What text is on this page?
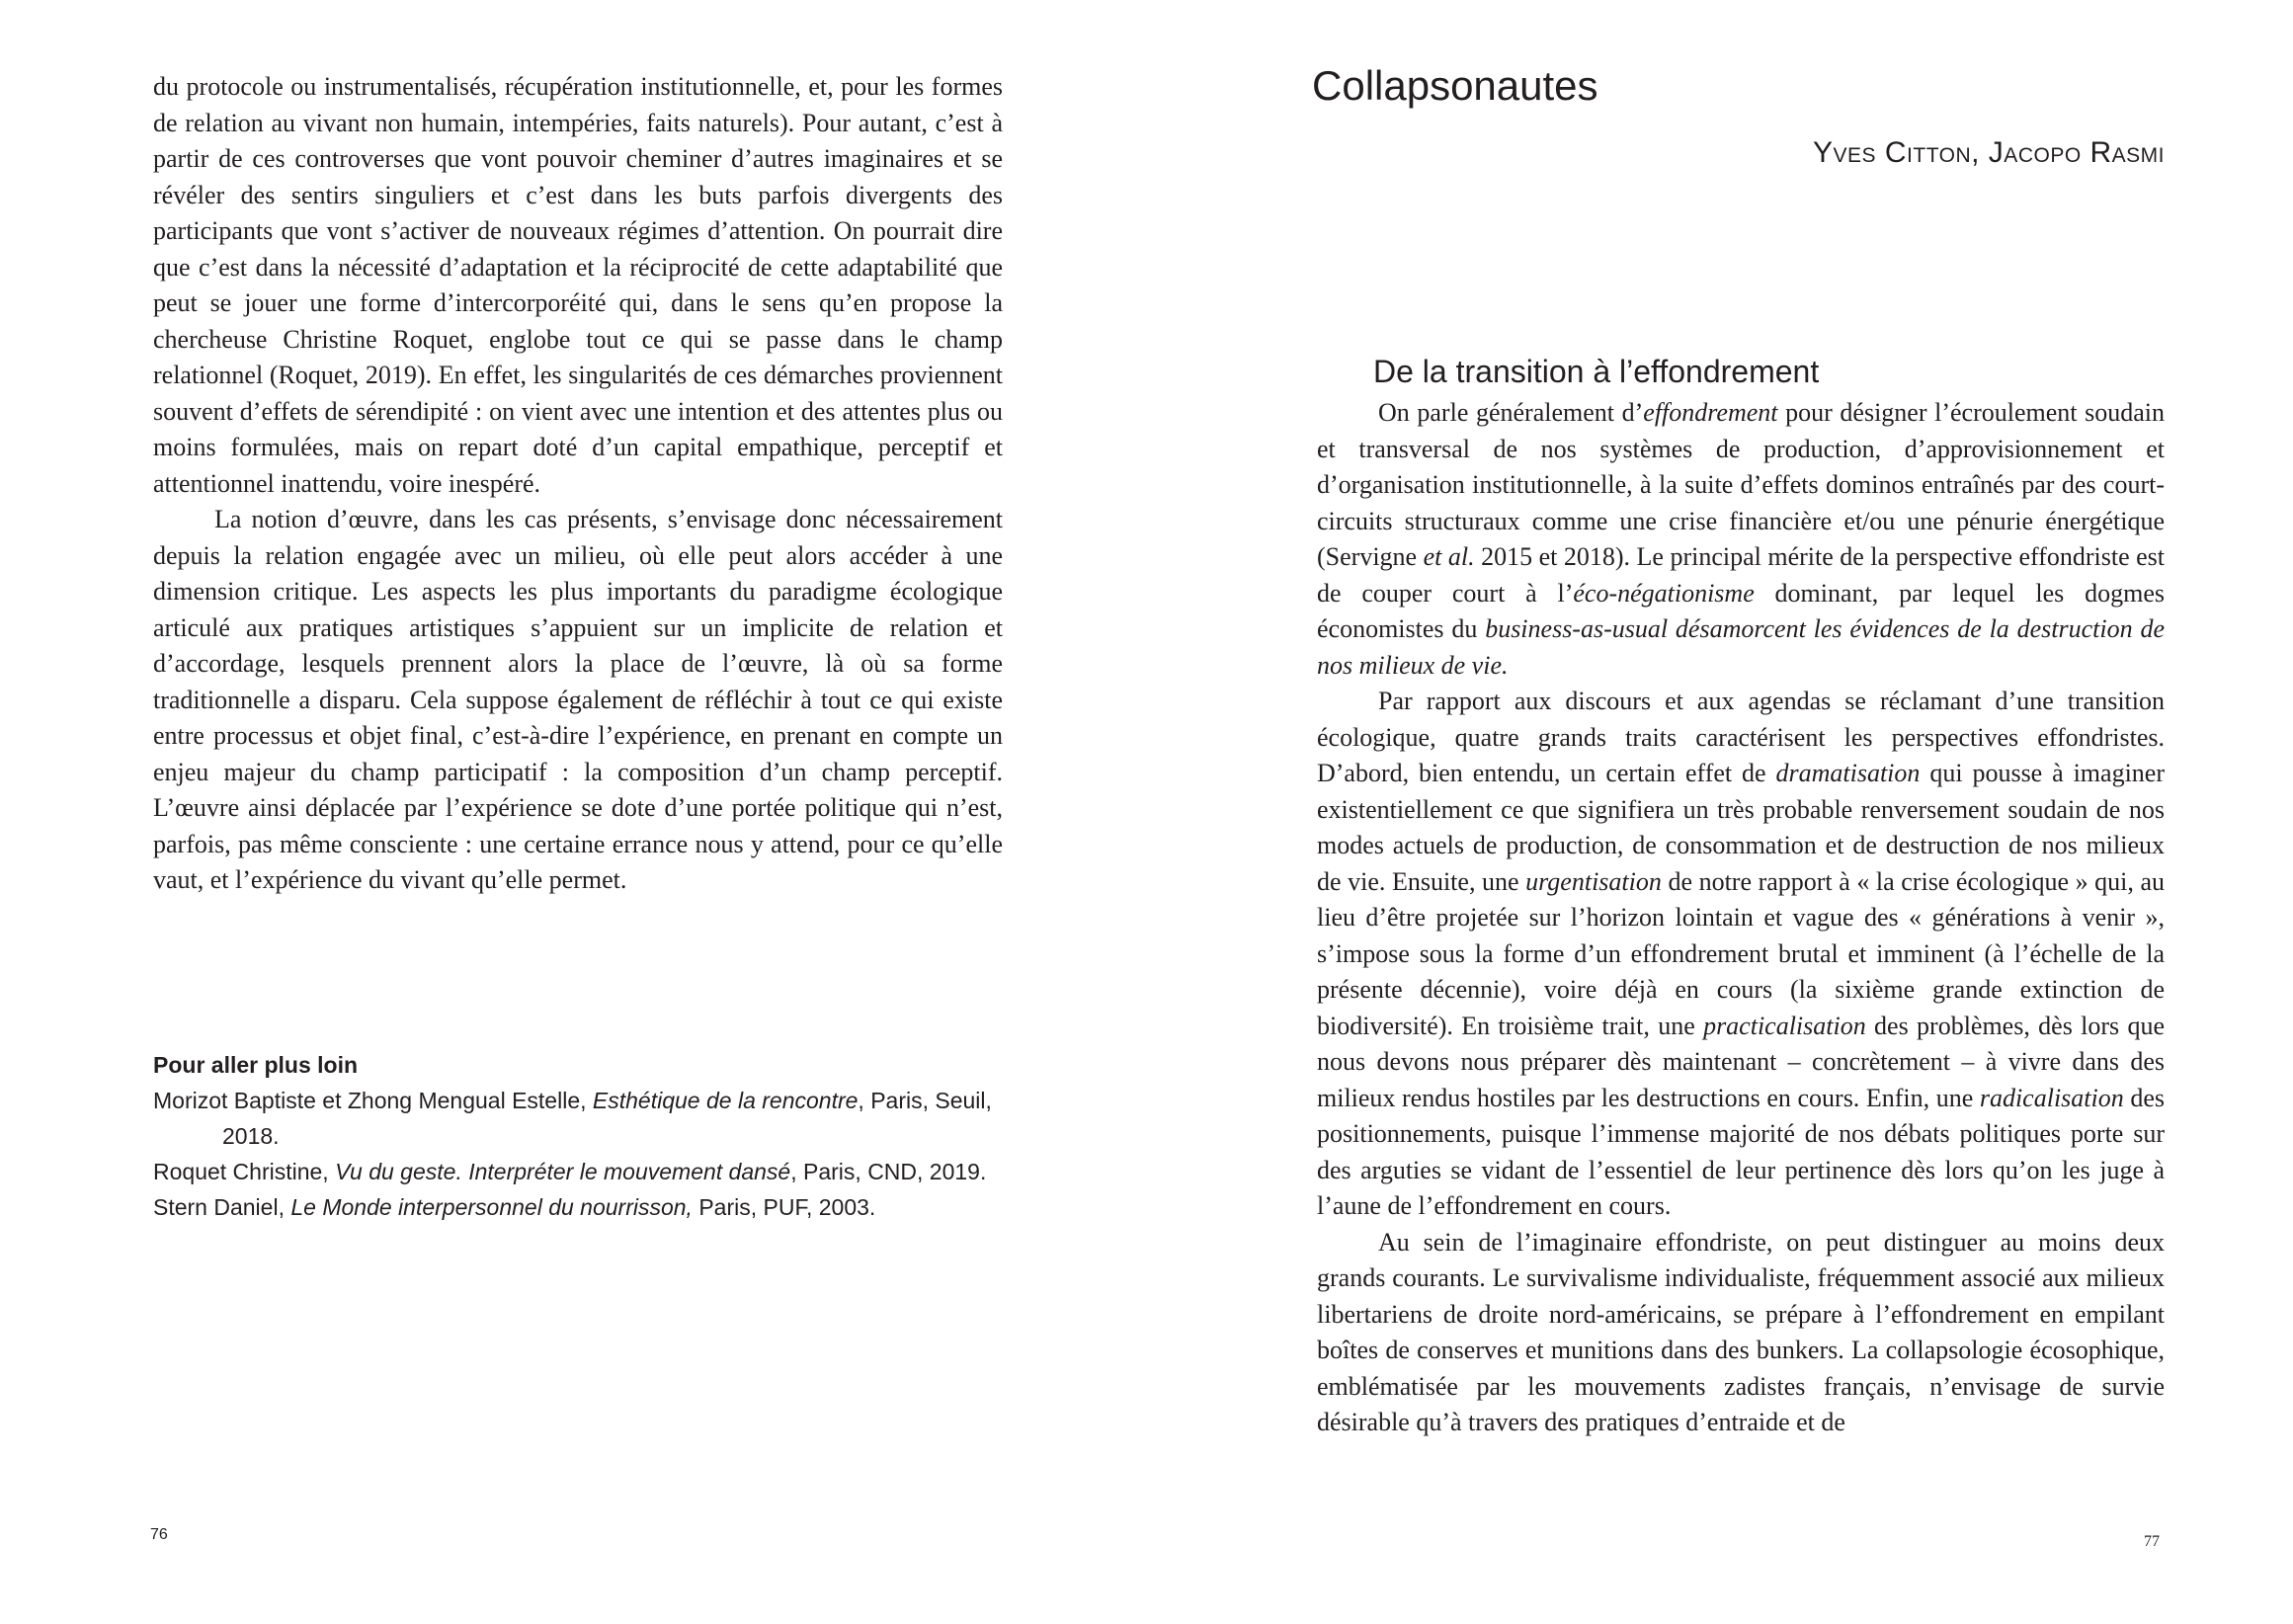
du protocole ou instrumentalisés, récupération institutionnelle, et, pour les formes de relation au vivant non humain, intempéries, faits naturels). Pour autant, c’est à partir de ces controverses que vont pouvoir cheminer d’autres imaginaires et se révéler des sentirs singuliers et c’est dans les buts parfois divergents des participants que vont s’activer de nouveaux régimes d’attention. On pourrait dire que c’est dans la nécessité d’adaptation et la réciprocité de cette adaptabilité que peut se jouer une forme d’intercorporéité qui, dans le sens qu’en propose la chercheuse Christine Roquet, englobe tout ce qui se passe dans le champ relationnel (Roquet, 2019). En effet, les singularités de ces démarches proviennent souvent d’effets de sérendipité : on vient avec une intention et des attentes plus ou moins formulées, mais on repart doté d’un capital empathique, perceptif et attentionnel inattendu, voire inespéré.

La notion d’œuvre, dans les cas présents, s’envisage donc nécessairement depuis la relation engagée avec un milieu, où elle peut alors accéder à une dimension critique. Les aspects les plus importants du paradigme écologique articulé aux pratiques artistiques s’appuient sur un implicite de relation et d’accordage, lesquels prennent alors la place de l’œuvre, là où sa forme traditionnelle a disparu. Cela suppose également de réfléchir à tout ce qui existe entre processus et objet final, c’est-à-dire l’expérience, en prenant en compte un enjeu majeur du champ participatif : la composition d’un champ perceptif. L’œuvre ainsi déplacée par l’expérience se dote d’une portée politique qui n’est, parfois, pas même consciente : une certaine errance nous y attend, pour ce qu’elle vaut, et l’expérience du vivant qu’elle permet.

Pour aller plus loin
Morizot Baptiste et Zhong Mengual Estelle, Esthétique de la rencontre, Paris, Seuil, 2018.
Roquet Christine, Vu du geste. Interpréter le mouvement dansé, Paris, CND, 2019.
Stern Daniel, Le Monde interpersonnel du nourrisson, Paris, PUF, 2003.
76
Collapsonautes
Yves Citton, Jacopo Rasmi
De la transition à l’effondrement

On parle généralement d’effondrement pour désigner l’écroulement soudain et transversal de nos systèmes de production, d’approvisionnement et d’organisation institutionnelle, à la suite d’effets dominos entraînés par des court-circuits structuraux comme une crise financière et/ou une pénurie énergétique (Servigne et al. 2015 et 2018). Le principal mérite de la perspective effondriste est de couper court à l’éco-négationisme dominant, par lequel les dogmes économistes du business-as-usual désamorcent les évidences de la destruction de nos milieux de vie.

Par rapport aux discours et aux agendas se réclamant d’une transition écologique, quatre grands traits caractérisent les perspectives effondristes. D’abord, bien entendu, un certain effet de dramatisation qui pousse à imaginer existentiellement ce que signifiera un très probable renversement soudain de nos modes actuels de production, de consommation et de destruction de nos milieux de vie. Ensuite, une urgentisation de notre rapport à « la crise écologique » qui, au lieu d’être projetée sur l’horizon lointain et vague des « générations à venir », s’impose sous la forme d’un effondrement brutal et imminent (à l’échelle de la présente décennie), voire déjà en cours (la sixième grande extinction de biodiversité). En troisième trait, une practicalisation des problèmes, dès lors que nous devons nous préparer dès maintenant – concrètement – à vivre dans des milieux rendus hostiles par les destructions en cours. Enfin, une radicalisation des positionnements, puisque l’immense majorité de nos débats politiques porte sur des arguties se vidant de l’essentiel de leur pertinence dès lors qu’on les juge à l’aune de l’effondrement en cours.

Au sein de l’imaginaire effondriste, on peut distinguer au moins deux grands courants. Le survivalisme individualiste, fréquemment associé aux milieux libertariens de droite nord-américains, se prépare à l’effondrement en empilant boîtes de conserves et munitions dans des bunkers. La collapsologie écosophique, emblématisée par les mouvements zadistes français, n’envisage de survie désirable qu’à travers des pratiques d’entraide et de

77
